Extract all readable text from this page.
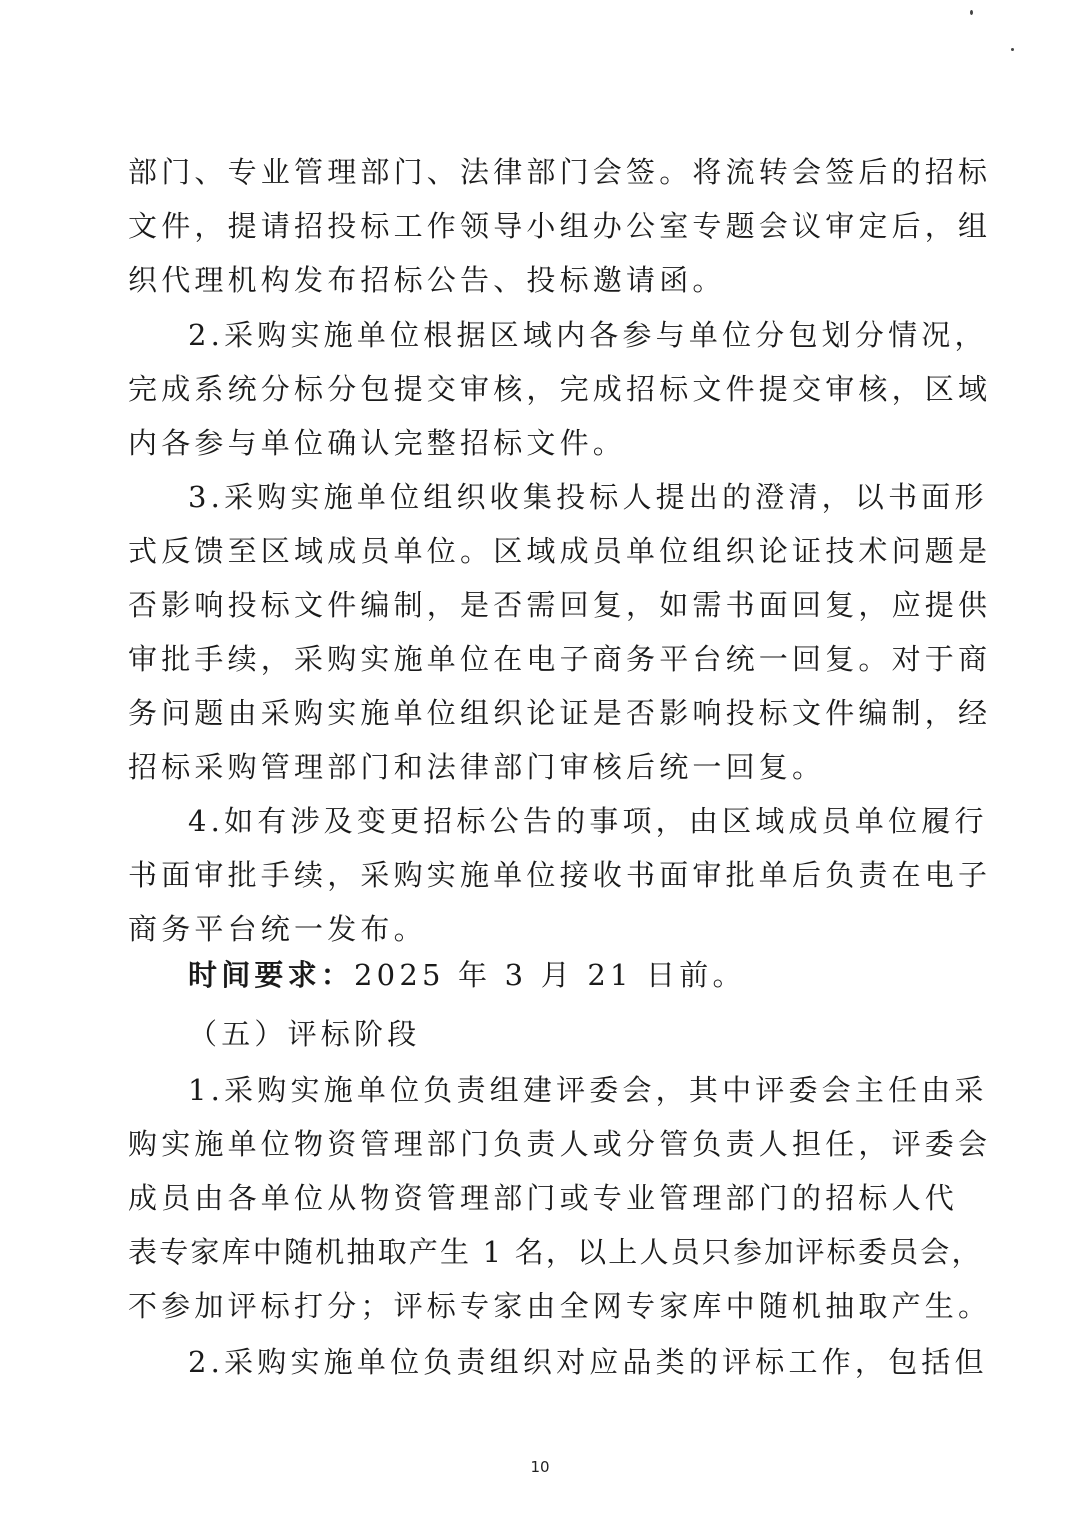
部门、专业管理部门、法律部门会签。将流转会签后的招标
文件，提请招投标工作领导小组办公室专题会议审定后，组
织代理机构发布招标公告、投标邀请函。
2.采购实施单位根据区域内各参与单位分包划分情况，
完成系统分标分包提交审核，完成招标文件提交审核，区域
内各参与单位确认完整招标文件。
3.采购实施单位组织收集投标人提出的澄清，以书面形
式反馈至区域成员单位。区域成员单位组织论证技术问题是
否影响投标文件编制，是否需回复，如需书面回复，应提供
审批手续，采购实施单位在电子商务平台统一回复。对于商
务问题由采购实施单位组织论证是否影响投标文件编制，经
招标采购管理部门和法律部门审核后统一回复。
4.如有涉及变更招标公告的事项，由区域成员单位履行
书面审批手续，采购实施单位接收书面审批单后负责在电子
商务平台统一发布。
时间要求：2025 年 3 月 21 日前。
（五）评标阶段
1.采购实施单位负责组建评委会，其中评委会主任由采
购实施单位物资管理部门负责人或分管负责人担任，评委会
成员由各单位从物资管理部门或专业管理部门的招标人代
表专家库中随机抽取产生 1 名，以上人员只参加评标委员会，
不参加评标打分；评标专家由全网专家库中随机抽取产生。
2.采购实施单位负责组织对应品类的评标工作，包括但
10
